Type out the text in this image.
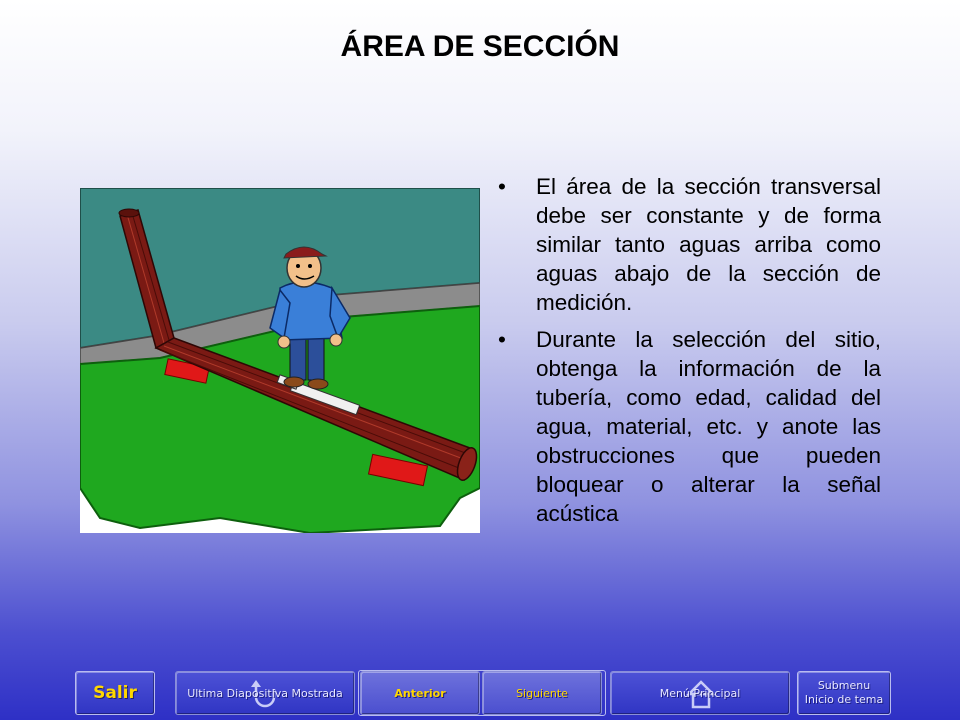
ÁREA DE SECCIÓN
• El área de la sección transversal debe ser constante y de forma similar tanto aguas arriba como aguas abajo de la sección de medición.
• Durante la selección del sitio, obtenga la información de la tubería, como edad, calidad del agua, material, etc. y anote las obstrucciones que pueden bloquear o alterar la señal acústica
Salir	Ultima Diapositiva Mostrada	Anterior	Siguiente	Menú Principal
Submenu
Inicio de tema
